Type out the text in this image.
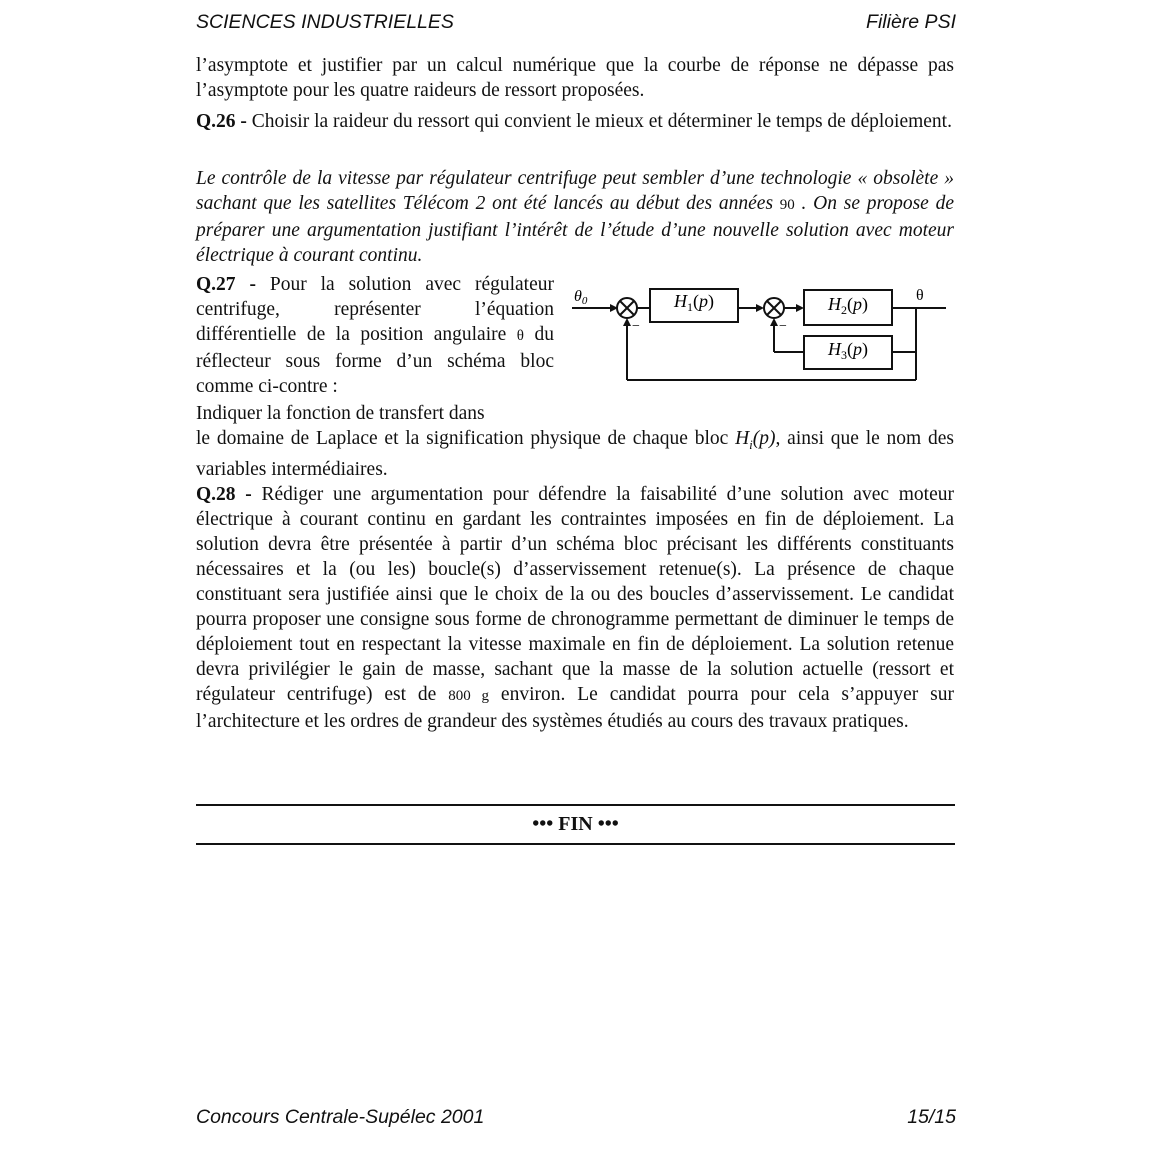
SCIENCES INDUSTRIELLES	Filière PSI

l’asymptote et justifier par un calcul numérique que la courbe de réponse ne dépasse pas l’asymptote pour les quatre raideurs de ressort proposées.

Q.26 - Choisir la raideur du ressort qui convient le mieux et déterminer le temps de déploiement.

Le contrôle de la vitesse par régulateur centrifuge peut sembler d’une technologie « obsolète » sachant que les satellites Télécom 2 ont été lancés au début des années 90 . On se propose de préparer une argumentation justifiant l’intérêt de l’étude d’une nouvelle solution avec moteur électrique à courant continu.

Q.27 - Pour la solution avec régulateur centrifuge, représenter l’équation différentielle de la position angulaire θ du réflecteur sous forme d’un schéma bloc comme ci-contre :
θ0
−
$H_1(p)$
−
$H_2(p)$	θ
$H_3(p)$

Indiquer la fonction de transfert dans

le domaine de Laplace et la signification physique de chaque bloc $H_i(p)$, ainsi que le nom des variables intermédiaires.

Q.28 - Rédiger une argumentation pour défendre la faisabilité d’une solution avec moteur électrique à courant continu en gardant les contraintes imposées en fin de déploiement. La solution devra être présentée à partir d’un schéma bloc précisant les différents constituants nécessaires et la (ou les) boucle(s) d’asservissement retenue(s). La présence de chaque constituant sera justifiée ainsi que le choix de la ou des boucles d’asservissement. Le candidat pourra proposer une consigne sous forme de chronogramme permettant de diminuer le temps de déploiement tout en respectant la vitesse maximale en fin de déploiement. La solution retenue devra privilégier le gain de masse, sachant que la masse de la solution actuelle (ressort et régulateur centrifuge) est de 800 g environ. Le candidat pourra pour cela s’appuyer sur l’architecture et les ordres de grandeur des systèmes étudiés au cours des travaux pratiques.

••• FIN •••
Concours Centrale-Supélec 2001	15/15
